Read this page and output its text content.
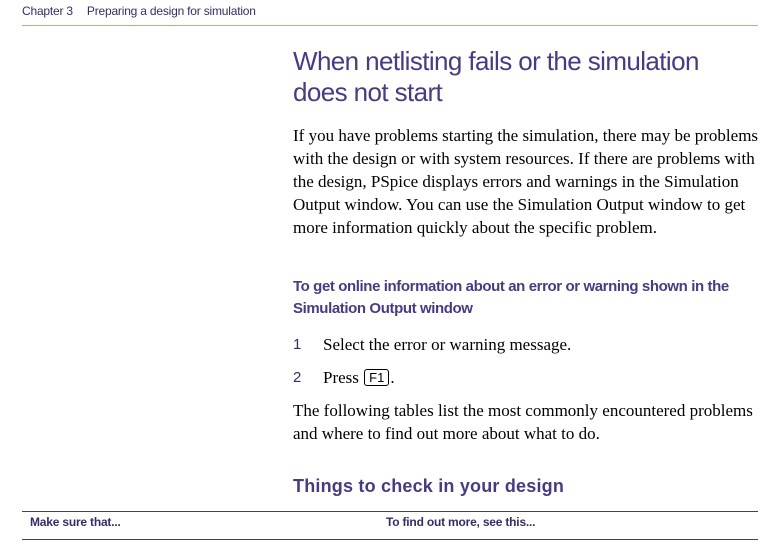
Chapter 3 Preparing a design for simulation
When netlisting fails or the simulation does not start
If you have problems starting the simulation, there may be problems with the design or with system resources. If there are problems with the design, PSpice displays errors and warnings in the Simulation Output window. You can use the Simulation Output window to get more information quickly about the specific problem.
To get online information about an error or warning shown in the Simulation Output window
1 Select the error or warning message.
2 Press F1 .
The following tables list the most commonly encountered problems and where to find out more about what to do.
Things to check in your design
Make sure that...	To find out more, see this...
